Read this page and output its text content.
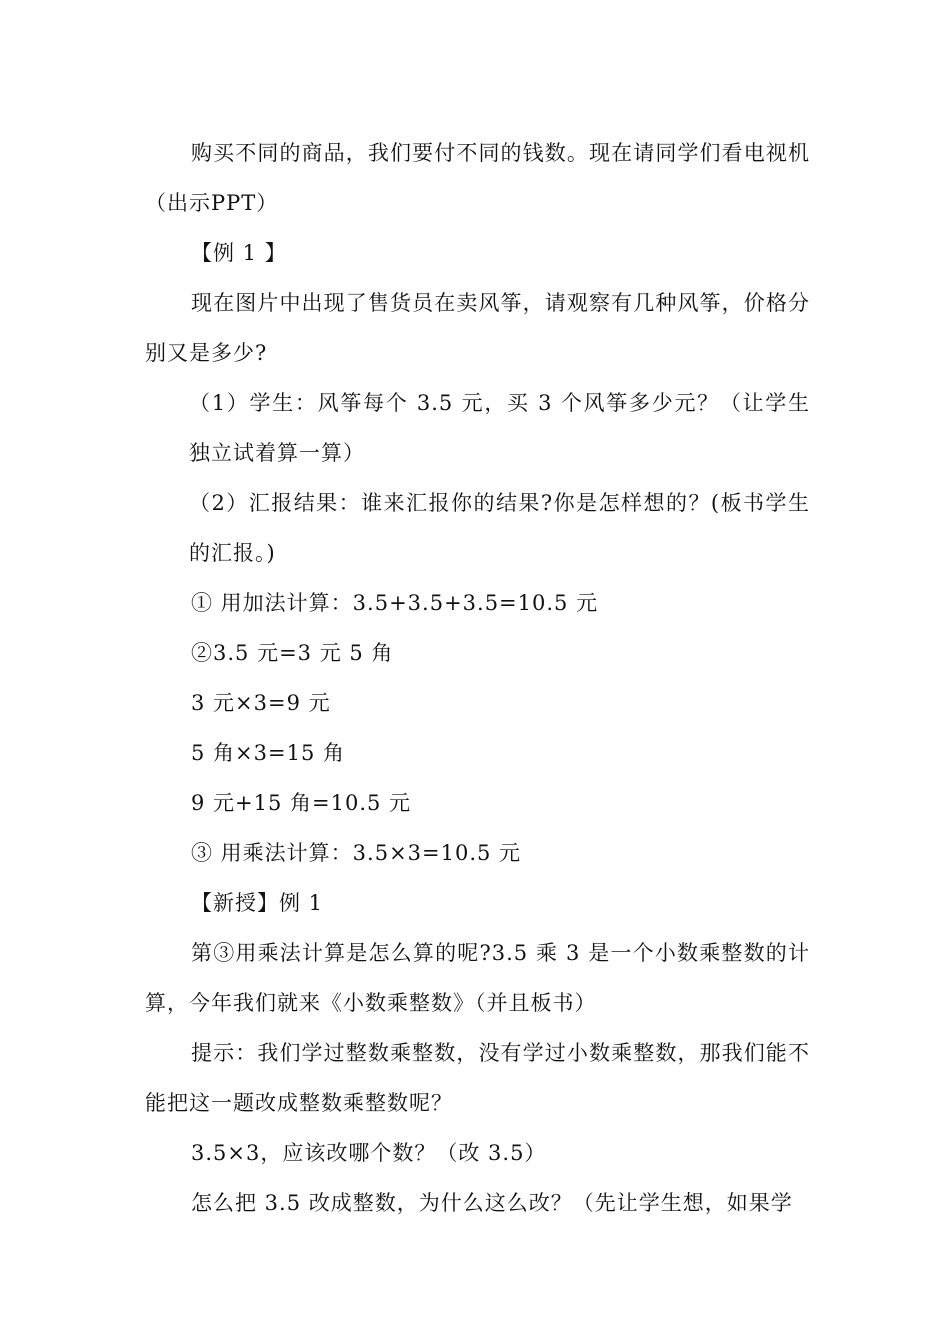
购买不同的商品，我们要付不同的钱数。现在请同学们看电视机（出示PPT）

【例 1 】

现在图片中出现了售货员在卖风筝，请观察有几种风筝，价格分别又是多少?

（1）学生：风筝每个 3.5 元，买 3 个风筝多少元？（让学生独立试着算一算）

（2）汇报结果：谁来汇报你的结果?你是怎样想的？(板书学生的汇报。)

① 用加法计算：3.5+3.5+3.5=10.5 元

②3.5 元=3 元 5 角

3 元×3=9 元

5 角×3=15 角

9 元+15 角=10.5 元

③ 用乘法计算：3.5×3=10.5 元

【新授】例 1

第③用乘法计算是怎么算的呢?3.5 乘 3 是一个小数乘整数的计算，今年我们就来《小数乘整数》（并且板书）

提示：我们学过整数乘整数，没有学过小数乘整数，那我们能不能把这一题改成整数乘整数呢？

3.5×3，应该改哪个数？（改 3.5）

怎么把 3.5 改成整数，为什么这么改？（先让学生想，如果学
